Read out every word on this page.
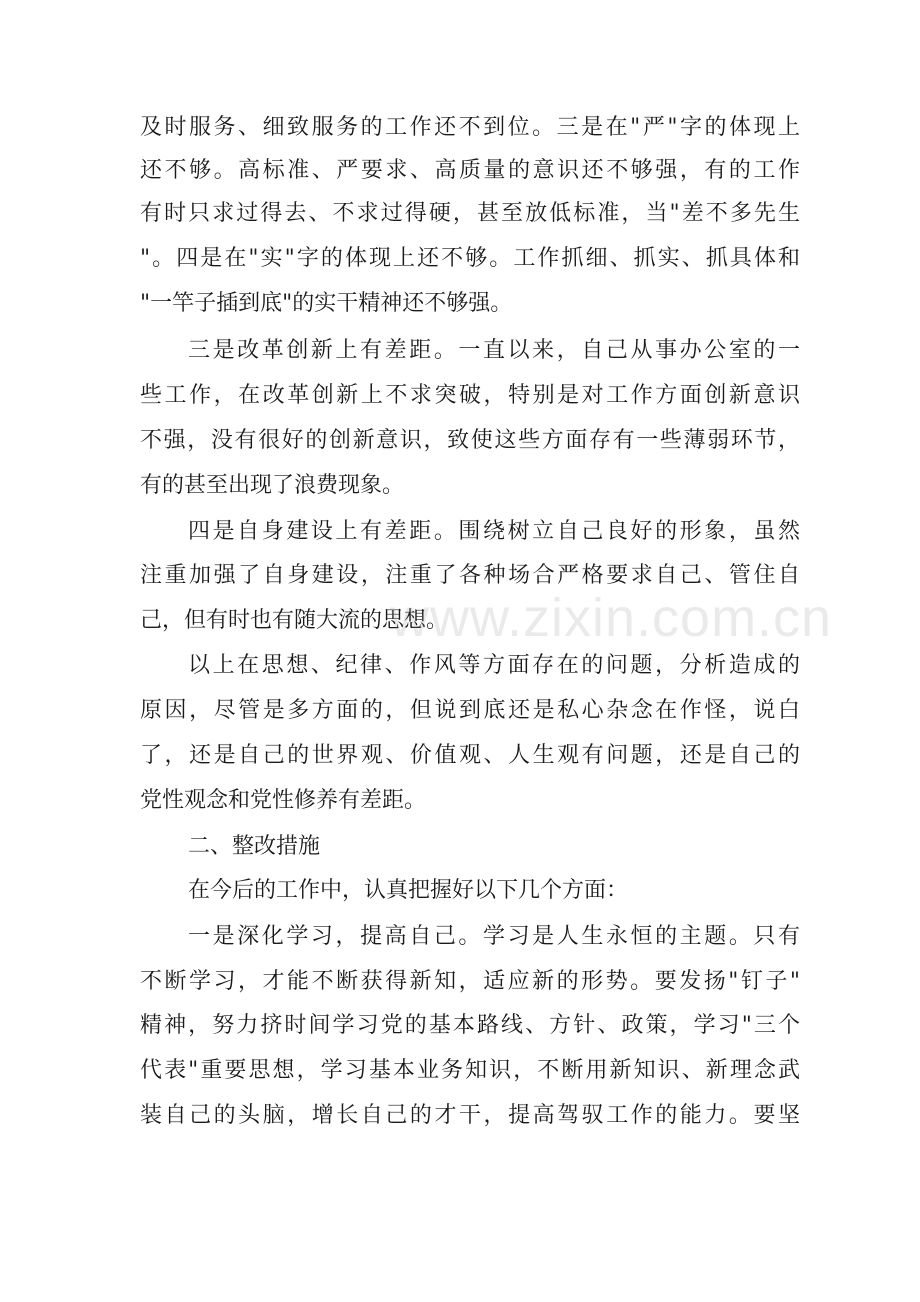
及时服务、细致服务的工作还不到位。三是在"严"字的体现上

还不够。高标准、严要求、高质量的意识还不够强，有的工作

有时只求过得去、不求过得硬，甚至放低标准，当"差不多先生

"。四是在"实"字的体现上还不够。工作抓细、抓实、抓具体和

"一竿子插到底"的实干精神还不够强。

三是改革创新上有差距。一直以来，自己从事办公室的一

些工作，在改革创新上不求突破，特别是对工作方面创新意识

不强，没有很好的创新意识，致使这些方面存有一些薄弱环节，

有的甚至出现了浪费现象。

四是自身建设上有差距。围绕树立自己良好的形象，虽然

注重加强了自身建设，注重了各种场合严格要求自己、管住自

己，但有时也有随大流的思想。

以上在思想、纪律、作风等方面存在的问题，分析造成的

原因，尽管是多方面的，但说到底还是私心杂念在作怪，说白

了，还是自己的世界观、价值观、人生观有问题，还是自己的

党性观念和党性修养有差距。

二、整改措施

在今后的工作中，认真把握好以下几个方面：

一是深化学习，提高自己。学习是人生永恒的主题。只有

不断学习，才能不断获得新知，适应新的形势。要发扬"钉子"

精神，努力挤时间学习党的基本路线、方针、政策，学习"三个

代表"重要思想，学习基本业务知识，不断用新知识、新理念武

装自己的头脑，增长自己的才干，提高驾驭工作的能力。要坚

www.zixin.com.cn
